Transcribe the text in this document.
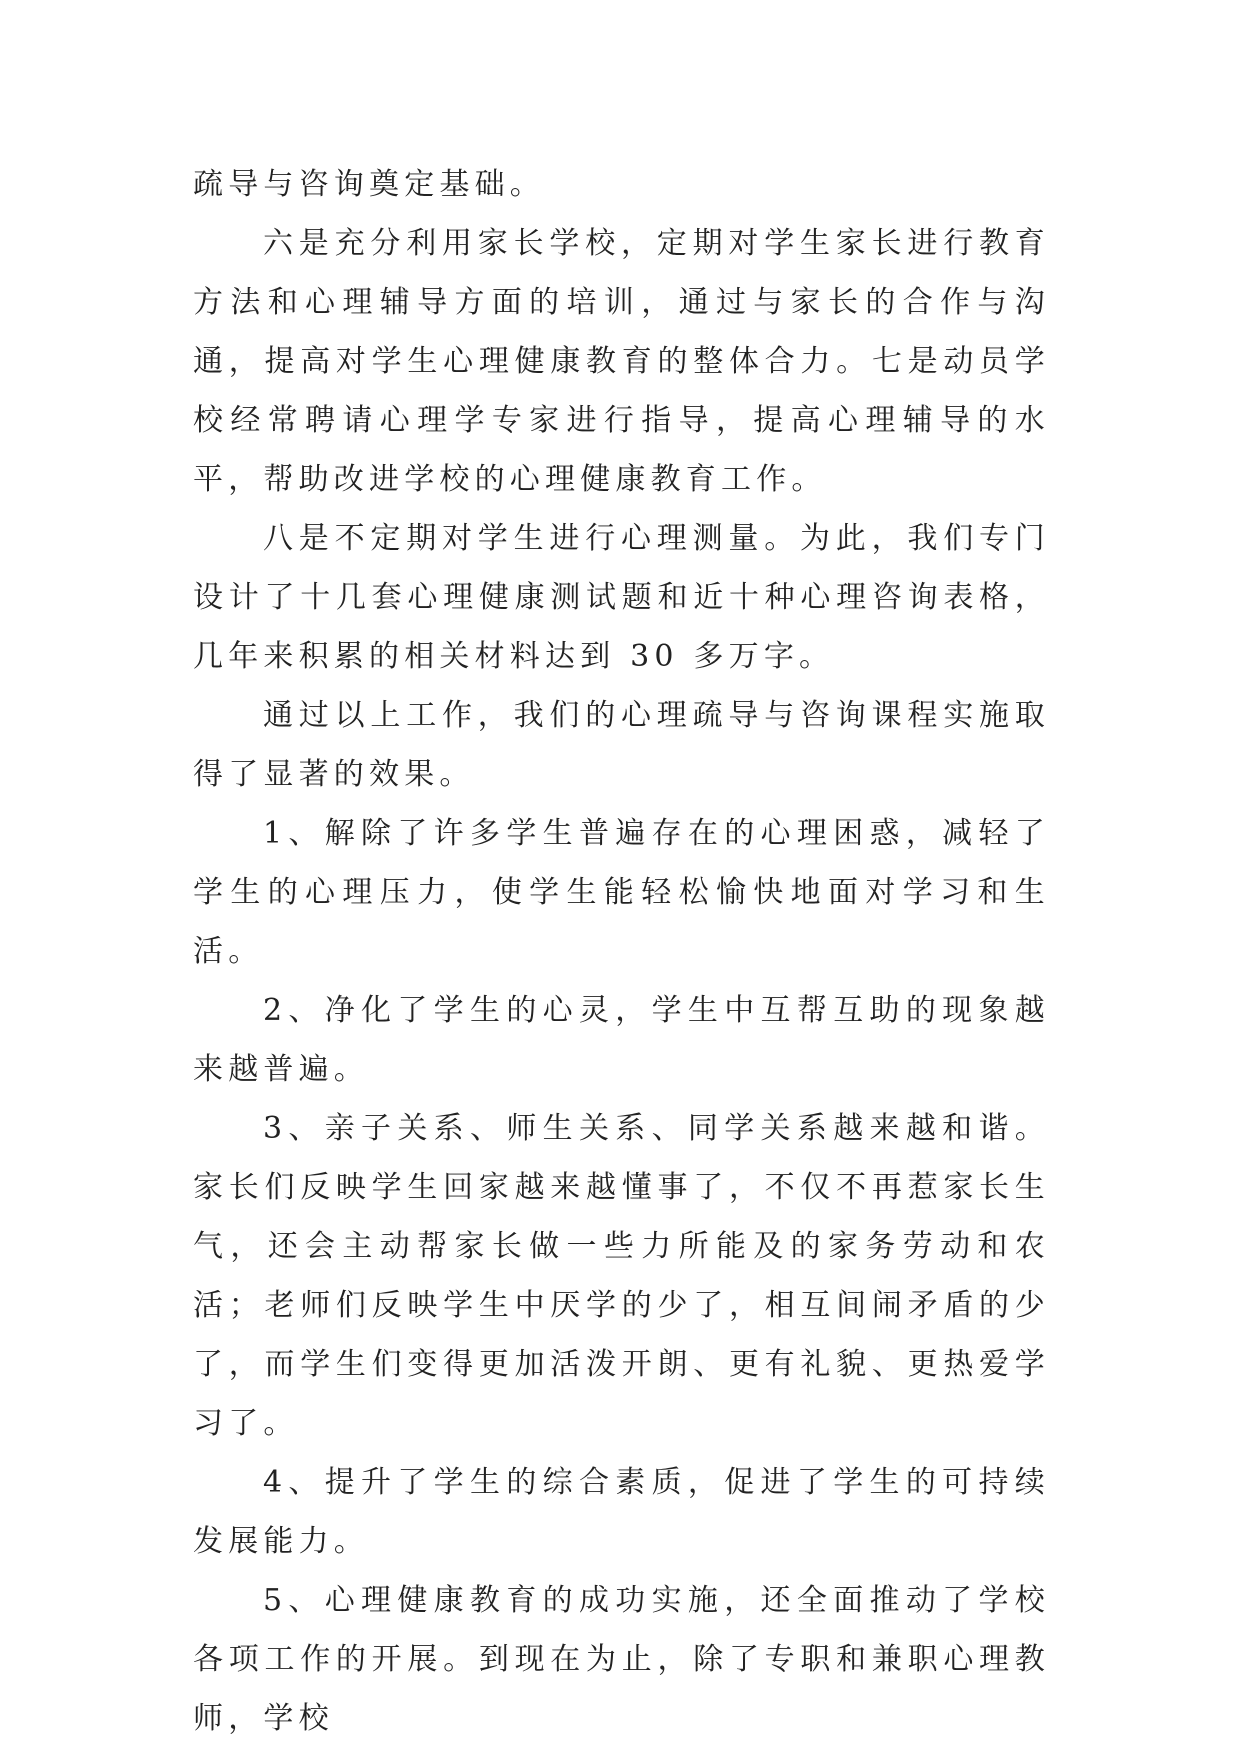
疏导与咨询奠定基础。

六是充分利用家长学校，定期对学生家长进行教育方法和心理辅导方面的培训，通过与家长的合作与沟通，提高对学生心理健康教育的整体合力。七是动员学校经常聘请心理学专家进行指导，提高心理辅导的水平，帮助改进学校的心理健康教育工作。

八是不定期对学生进行心理测量。为此，我们专门设计了十几套心理健康测试题和近十种心理咨询表格，几年来积累的相关材料达到 30 多万字。

通过以上工作，我们的心理疏导与咨询课程实施取得了显著的效果。

1、解除了许多学生普遍存在的心理困惑，减轻了学生的心理压力，使学生能轻松愉快地面对学习和生活。

2、净化了学生的心灵，学生中互帮互助的现象越来越普遍。

3、亲子关系、师生关系、同学关系越来越和谐。家长们反映学生回家越来越懂事了，不仅不再惹家长生气，还会主动帮家长做一些力所能及的家务劳动和农活；老师们反映学生中厌学的少了，相互间闹矛盾的少了，而学生们变得更加活泼开朗、更有礼貌、更热爱学习了。

4、提升了学生的综合素质，促进了学生的可持续发展能力。

5、心理健康教育的成功实施，还全面推动了学校各项工作的开展。到现在为止，除了专职和兼职心理教师，学校
